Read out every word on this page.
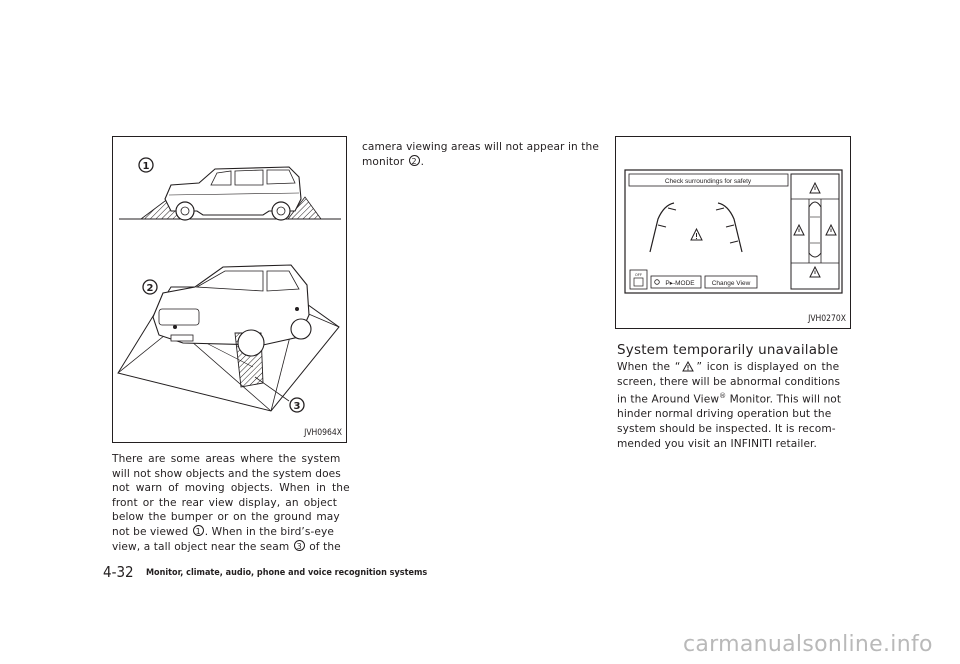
1
2
3
JVH0964X
There are some areas where the system
will not show objects and the system does
not warn of moving objects. When in the
front or the rear view display, an object
below the bumper or on the ground may
not be viewed 1 . When in the bird’s-eye
view, a tall object near the seam 3 of the
camera viewing areas will not appear in the
monitor 2 .
Check surroundings for safety
OFF
P▸-MODE	Change View
JVH0270X
System temporarily unavailable
When the “ ” icon is displayed on the
screen, there will be abnormal conditions
in the Around View® Monitor. This will not
hinder normal driving operation but the
system should be inspected. It is recom-
mended you visit an INFINITI retailer.
4-32 Monitor, climate, audio, phone and voice recognition systems
carmanualsonline.info
